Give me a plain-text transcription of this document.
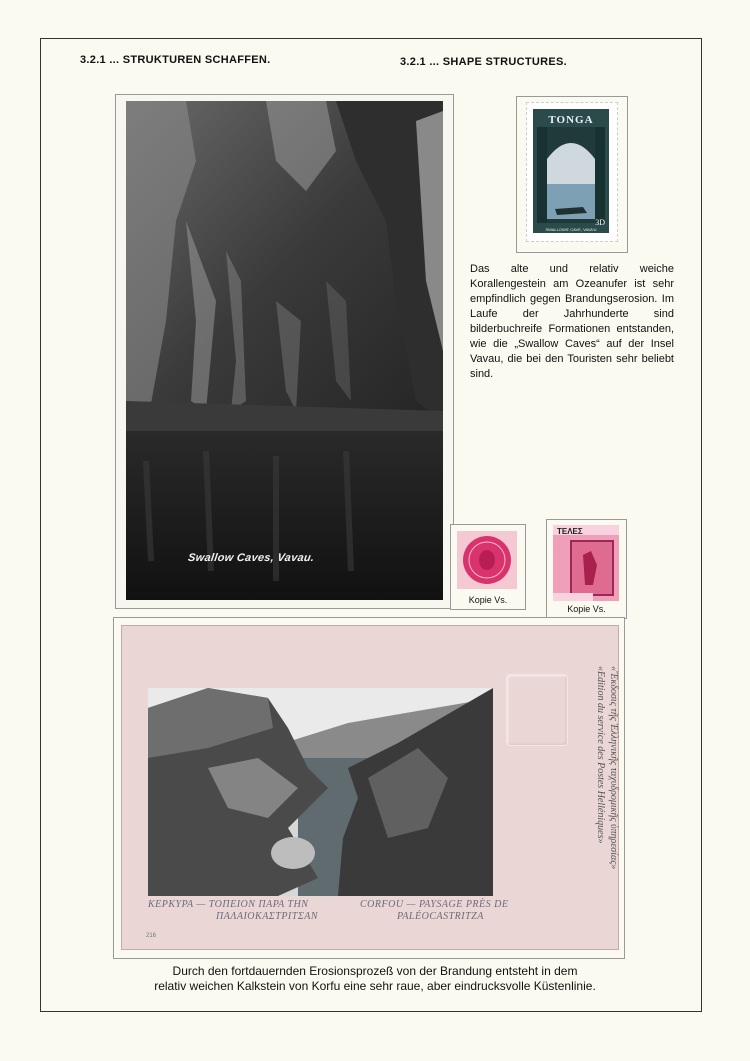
3.2.1 ... STRUKTUREN SCHAFFEN.	3.2.1 ... SHAPE STRUCTURES.
Swallow Caves, Vavau.
TONGA
3D
SWALLOWS' CAVE, VAVA'U
Das alte und relativ weiche Korallengestein am Ozeanufer ist sehr empfindlich gegen Brandungserosion. Im Laufe der Jahrhunderte sind bilderbuchreife Formationen entstanden, wie die „Swallow Caves“ auf der Insel Vavau, die bei den Touristen sehr beliebt sind.
Kopie Vs.
ΤΕΛΕΣ
Kopie Vs.
ΚΕΡΚΥΡΑ — ΤΟΠΕΙΟΝ ΠΑΡΑ ΤΗΝ
ΠΑΛΑΙΟΚΑΣΤΡΙΤΣΑΝ
CORFOU — PAYSAGE PRÈS DE
PALÉOCASTRITZA
«Ἔκδοσις τῆς Ἑλληνικῆς ταχυδρομικῆς ὑπηρεσίας»
«Edition du service des Postes Helléniques»
216
Durch den fortdauernden Erosionsprozeß von der Brandung entsteht in dem
relativ weichen Kalkstein von Korfu eine sehr raue, aber eindrucksvolle Küstenlinie.
